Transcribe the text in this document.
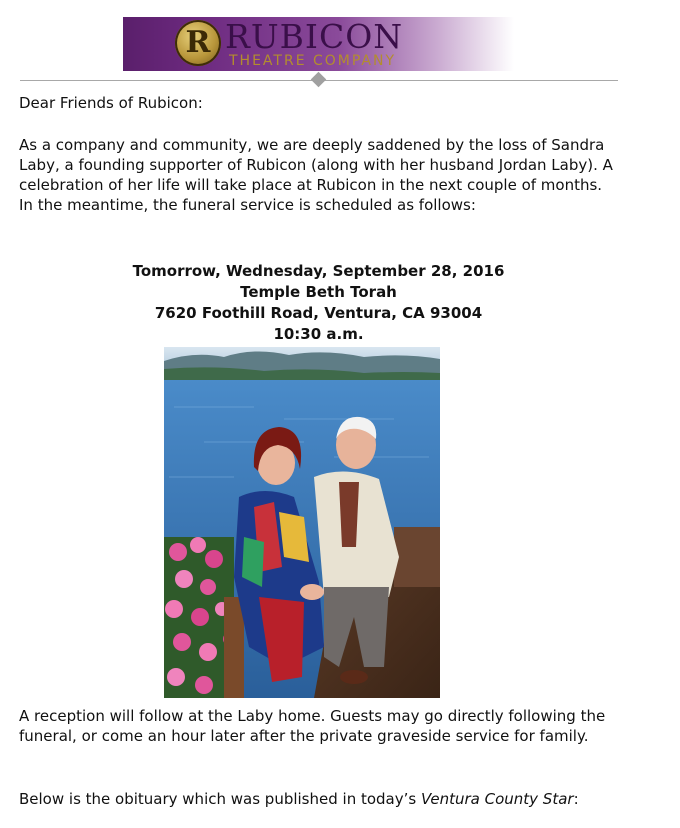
R RUBICON
THEATRE COMPANY

Dear Friends of Rubicon:

As a company and community, we are deeply saddened by the loss of Sandra Laby, a founding supporter of Rubicon (along with her husband Jordan Laby). A celebration of her life will take place at Rubicon in the next couple of months. In the meantime, the funeral service is scheduled as follows:

Tomorrow, Wednesday, September 28, 2016
Temple Beth Torah
7620 Foothill Road, Ventura, CA 93004
10:30 a.m.

A reception will follow at the Laby home. Guests may go directly following the funeral, or come an hour later after the private graveside service for family.

Below is the obituary which was published in today’s Ventura County Star:
